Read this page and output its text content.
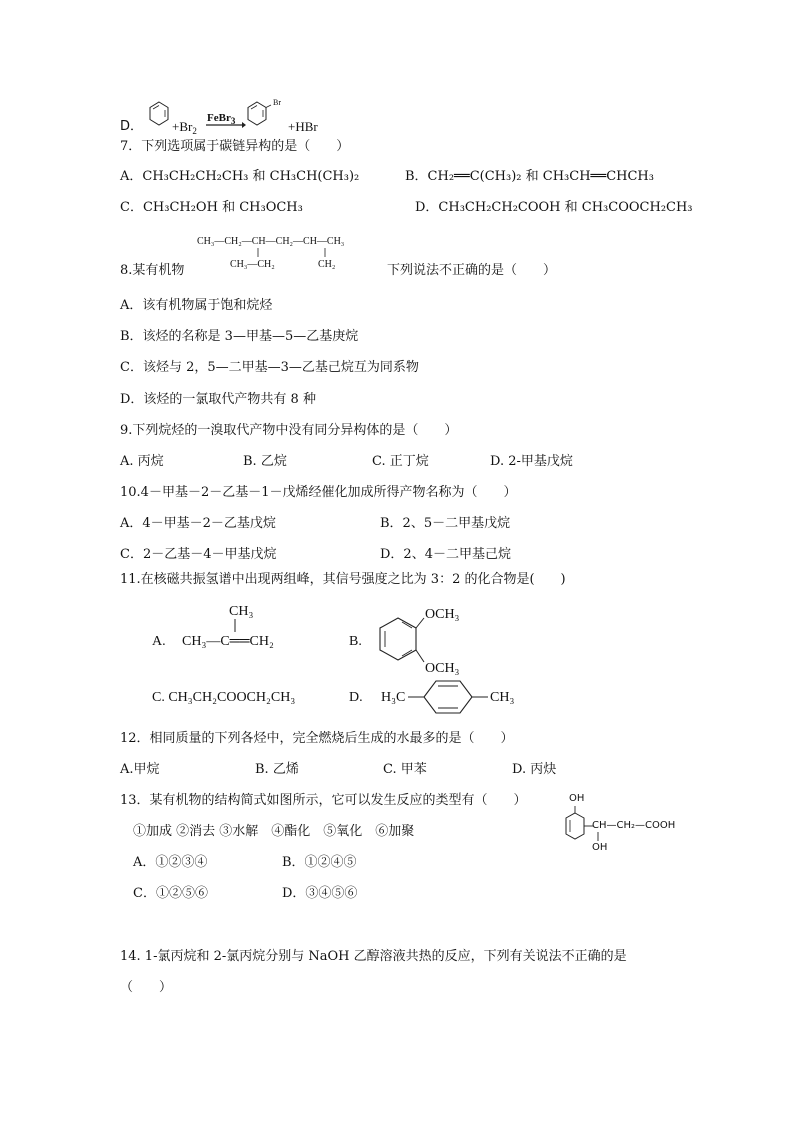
D． $+Br_2$
FeBr$_3$
Br
+HBr
7．下列选项属于碳链异构的是（　　）
A．CH₃CH₂CH₂CH₃ 和 CH₃CH(CH₃)₂	B．CH₂══C(CH₃)₂ 和 CH₃CH══CHCH₃
C．CH₃CH₂OH 和 CH₃OCH₃	D．CH₃CH₂CH₂COOH 和 CH₃COOCH₂CH₃
CH₃—CH₂—CH—CH₂—CH—CH₃
CH₃—CH₂	CH₂
8.某有机物	下列说法不正确的是（　　）
A．该有机物属于饱和烷烃
B．该烃的名称是 3—甲基—5—乙基庚烷
C．该烃与 2，5—二甲基—3—乙基己烷互为同系物
D．该烃的一氯取代产物共有 8 种
9.下列烷烃的一溴取代产物中没有同分异构体的是（　　）
A. 丙烷	B. 乙烷	C. 正丁烷	D. 2-甲基戊烷
10.4－甲基－2－乙基－1－戊烯经催化加成所得产物名称为（　　）
A．4－甲基－2－乙基戊烷	B．2、5－二甲基戊烷
C．2－乙基－4－甲基戊烷	D．2、4－二甲基己烷
11.在核磁共振氢谱中出现两组峰，其信号强度之比为 3：2 的化合物是(　　)
A.
CH₃
CH₃—C══CH₂	B.
OCH₃
OCH₃
C. CH₃CH₂COOCH₂CH₃	D. H₃C	CH₃
12．相同质量的下列各烃中，完全燃烧后生成的水最多的是（　　）
A.甲烷	B. 乙烯	C. 甲苯	D. 丙炔
13．某有机物的结构简式如图所示，它可以发生反应的类型有（　　）
①加成 ②消去 ③水解　④酯化　⑤氧化　⑥加聚
A．①②③④	B．①②④⑤
C．①②⑤⑥	D．③④⑤⑥
OH
CH—CH₂—COOH
OH
14. 1-氯丙烷和 2-氯丙烷分别与 NaOH 乙醇溶液共热的反应，下列有关说法不正确的是
（　　）
